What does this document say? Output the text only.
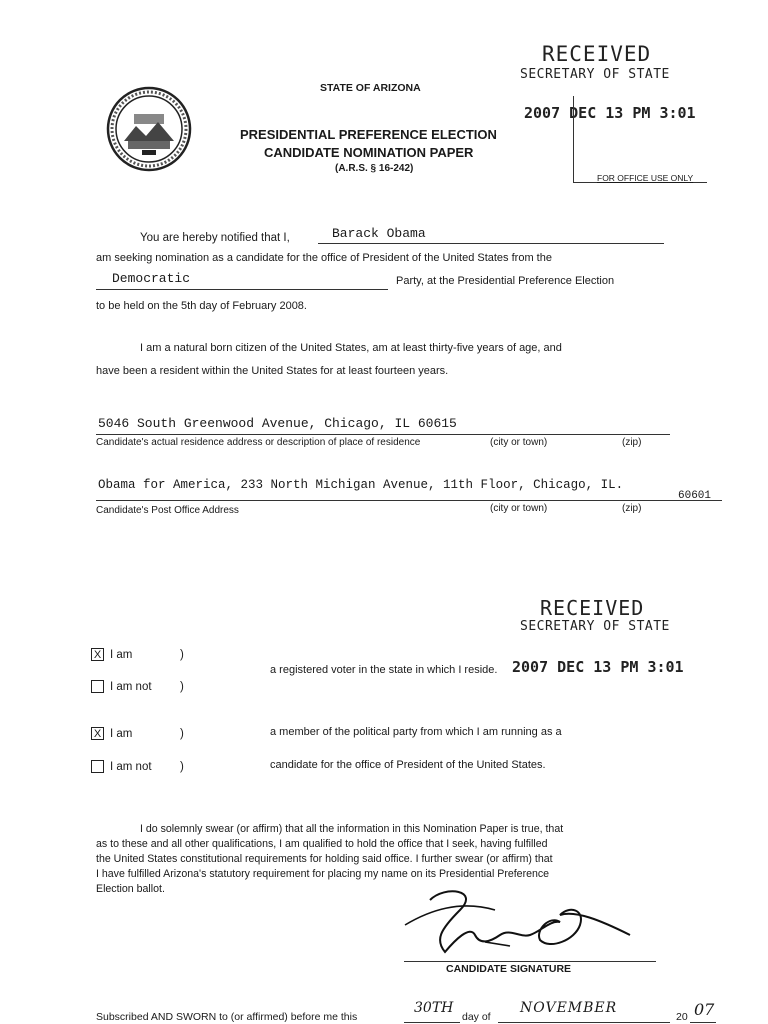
STATE OF ARIZONA
PRESIDENTIAL PREFERENCE ELECTION
CANDIDATE NOMINATION PAPER
(A.R.S. § 16-242)
RECEIVED
SECRETARY OF STATE
2007 DEC 13 PM 3:01
FOR OFFICE USE ONLY
You are hereby notified that I,	Barack Obama
am seeking nomination as a candidate for the office of President of the United States from the
Democratic	Party, at the Presidential Preference Election
to be held on the 5th day of February 2008.
I am a natural born citizen of the United States, am at least thirty-five years of age, and
have been a resident within the United States for at least fourteen years.
5046 South Greenwood Avenue, Chicago, IL 60615
Candidate's actual residence address or description of place of residence	(city or town)	(zip)
Obama for America, 233 North Michigan Avenue, 11th Floor, Chicago, IL.
60601
Candidate's Post Office Address	(city or town)	(zip)
RECEIVED
SECRETARY OF STATE
X I am	)
I am not )
a registered voter in the state in which I reside. 2007 DEC 13 PM 3:01
X I am	)
I am not )
a member of the political party from which I am running as a
candidate for the office of President of the United States.
I do solemnly swear (or affirm) that all the information in this Nomination Paper is true, that
as to these and all other qualifications, I am qualified to hold the office that I seek, having fulfilled
the United States constitutional requirements for holding said office. I further swear (or affirm) that
I have fulfilled Arizona's statutory requirement for placing my name on its Presidential Preference
Election ballot.
CANDIDATE SIGNATURE
Subscribed AND SWORN to (or affirmed) before me this
30TH
day of
NOVEMBER
20 07
